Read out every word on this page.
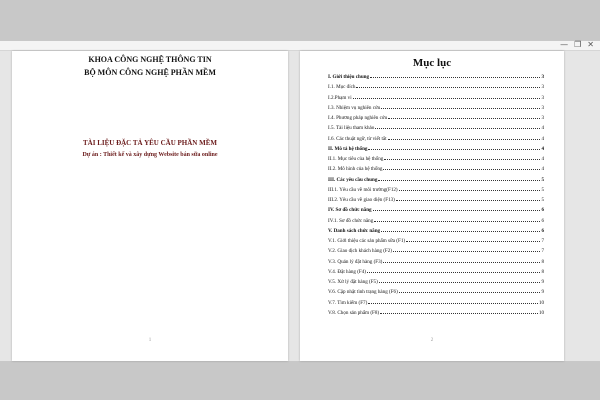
— ❐ ✕
KHOA CÔNG NGHỆ THÔNG TIN
BỘ MÔN CÔNG NGHỆ PHẦN MỀM
TÀI LIỆU ĐẶC TẢ YÊU CẦU PHẦN MỀM
Dự án : Thiết kế và xây dựng Website bán sữa online
1
Mục lục
I. Giới thiệu chung	3
I.1. Mục đích	3
I.2.Phạm vi	3
I.3. Nhiệm vụ nghiên cứu	3
I.4. Phương pháp nghiên cứu	3
I.5. Tài liệu tham khảo	4
I.6. Các thuật ngữ, từ viết tắt	4
II. Mô tả hệ thống	4
II.1. Mục tiêu của hệ thống	4
II.2. Mô hình của hệ thống	4
III. Các yêu cầu chung	5
III.1. Yêu cầu về môi trường(F12)	5
III.2. Yêu cầu về giao diện (F13)	5
IV. Sơ đồ chức năng	6
IV.1. Sơ đồ chức năng	6
V. Danh sách chức năng	6
V.1. Giới thiệu các sản phẩm sữa (F1)	7
V.2. Giao dịch khách hàng (F2)	7
V.3. Quản lý đặt hàng (F3)	8
V.4. Đặt hàng (F4)	8
V.5. Xử lý đặt hàng (F5)	9
V.6. Cập nhật tình trạng hàng (F6)	9
V.7. Tìm kiếm (F7)	10
V.8. Chọn sản phẩm (F8)	10
2
